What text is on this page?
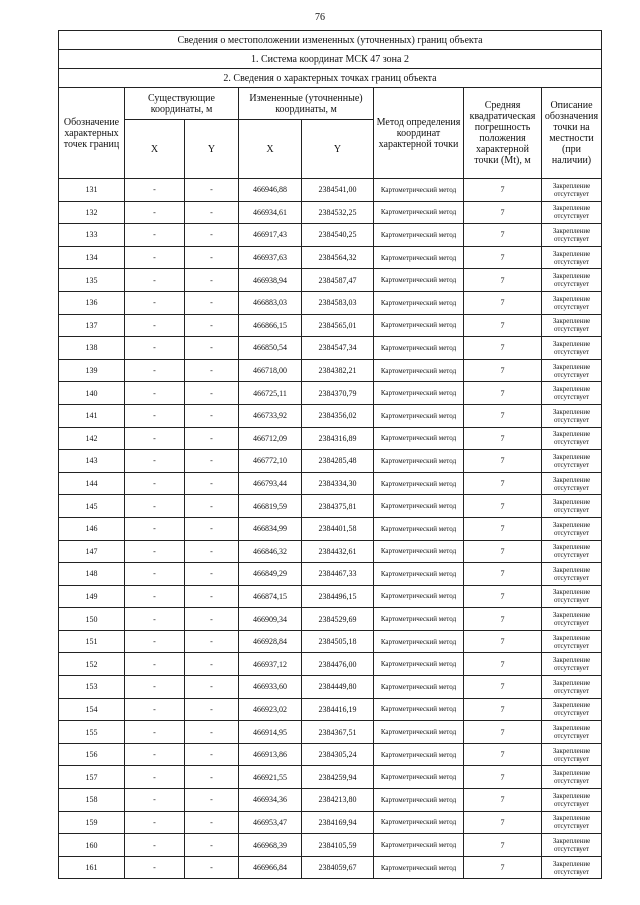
76
Сведения о местоположении измененных (уточненных) границ объекта							
1. Система координат МСК 47 зона 2							
2. Сведения о характерных точках границ объекта							
Обозначение характерных точек границ	Существующие координаты, м		Измененные (уточненные) координаты, м		Метод определения координат характерной точки	Средняя квадратическая погрешность положения характерной точки (Mt), м	Описание обозначения точки на местности (при наличии)
	X	Y	X	Y			
131	-	-	466946,88	2384541,00	Картометрический метод	7	Закрепление отсутствует
132	-	-	466934,61	2384532,25	Картометрический метод	7	Закрепление отсутствует
133	-	-	466917,43	2384540,25	Картометрический метод	7	Закрепление отсутствует
134	-	-	466937,63	2384564,32	Картометрический метод	7	Закрепление отсутствует
135	-	-	466938,94	2384587,47	Картометрический метод	7	Закрепление отсутствует
136	-	-	466883,03	2384583,03	Картометрический метод	7	Закрепление отсутствует
137	-	-	466866,15	2384565,01	Картометрический метод	7	Закрепление отсутствует
138	-	-	466850,54	2384547,34	Картометрический метод	7	Закрепление отсутствует
139	-	-	466718,00	2384382,21	Картометрический метод	7	Закрепление отсутствует
140	-	-	466725,11	2384370,79	Картометрический метод	7	Закрепление отсутствует
141	-	-	466733,92	2384356,02	Картометрический метод	7	Закрепление отсутствует
142	-	-	466712,09	2384316,89	Картометрический метод	7	Закрепление отсутствует
143	-	-	466772,10	2384285,48	Картометрический метод	7	Закрепление отсутствует
144	-	-	466793,44	2384334,30	Картометрический метод	7	Закрепление отсутствует
145	-	-	466819,59	2384375,81	Картометрический метод	7	Закрепление отсутствует
146	-	-	466834,99	2384401,58	Картометрический метод	7	Закрепление отсутствует
147	-	-	466846,32	2384432,61	Картометрический метод	7	Закрепление отсутствует
148	-	-	466849,29	2384467,33	Картометрический метод	7	Закрепление отсутствует
149	-	-	466874,15	2384496,15	Картометрический метод	7	Закрепление отсутствует
150	-	-	466909,34	2384529,69	Картометрический метод	7	Закрепление отсутствует
151	-	-	466928,84	2384505,18	Картометрический метод	7	Закрепление отсутствует
152	-	-	466937,12	2384476,00	Картометрический метод	7	Закрепление отсутствует
153	-	-	466933,60	2384449,80	Картометрический метод	7	Закрепление отсутствует
154	-	-	466923,02	2384416,19	Картометрический метод	7	Закрепление отсутствует
155	-	-	466914,95	2384367,51	Картометрический метод	7	Закрепление отсутствует
156	-	-	466913,86	2384305,24	Картометрический метод	7	Закрепление отсутствует
157	-	-	466921,55	2384259,94	Картометрический метод	7	Закрепление отсутствует
158	-	-	466934,36	2384213,80	Картометрический метод	7	Закрепление отсутствует
159	-	-	466953,47	2384169,94	Картометрический метод	7	Закрепление отсутствует
160	-	-	466968,39	2384105,59	Картометрический метод	7	Закрепление отсутствует
161	-	-	466966,84	2384059,67	Картометрический метод	7	Закрепление отсутствует
